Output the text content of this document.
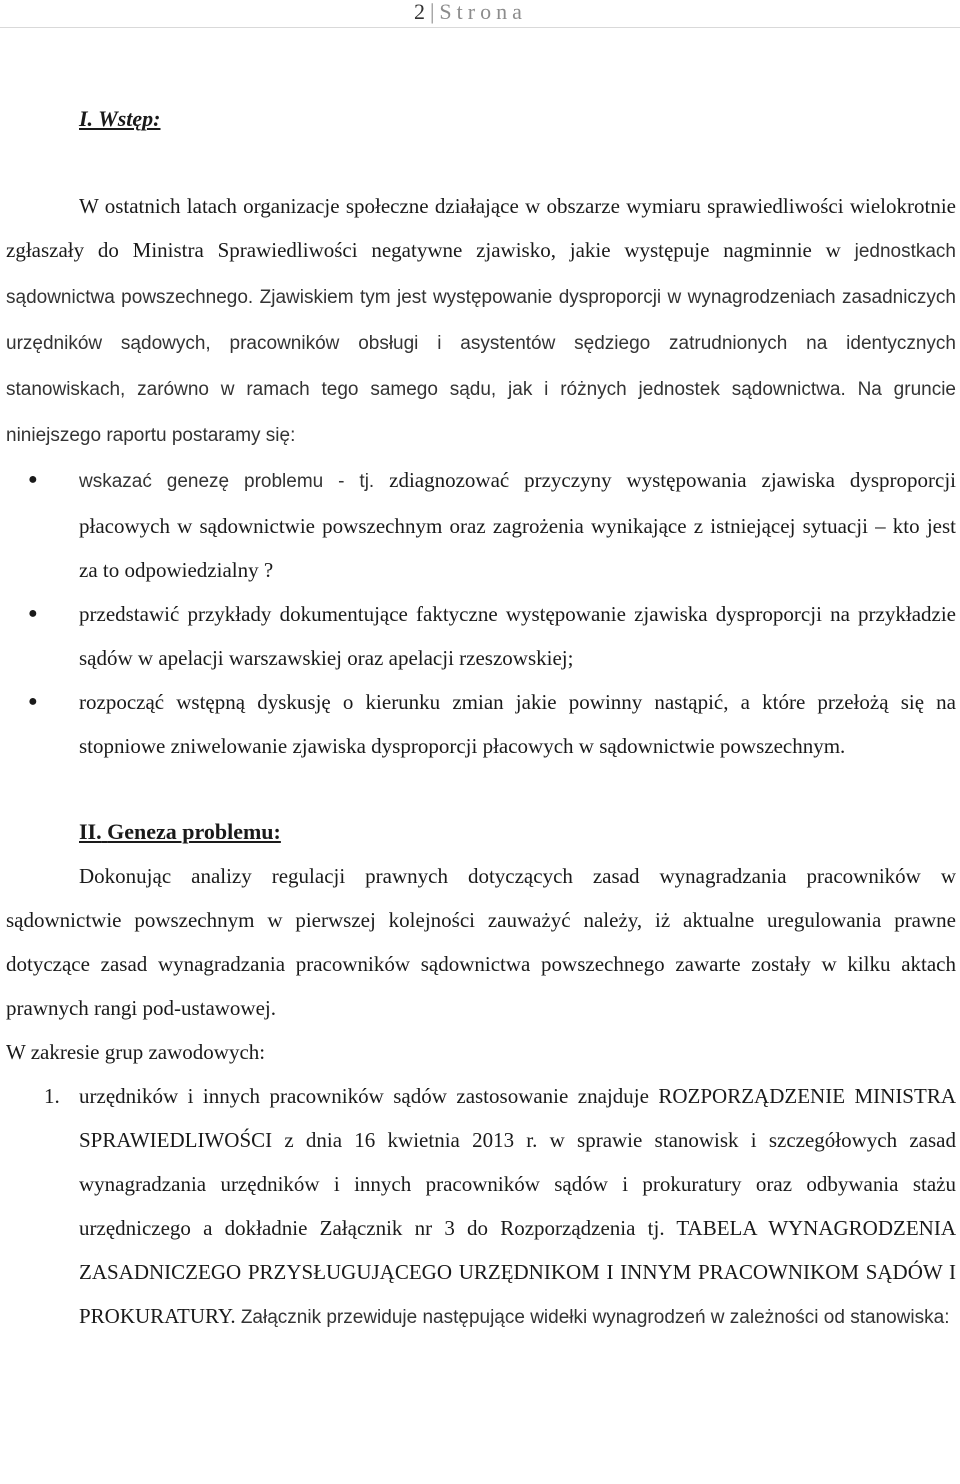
2 | Strona
I. Wstęp:

W ostatnich latach organizacje społeczne działające w obszarze wymiaru sprawiedliwości wielokrotnie zgłaszały do Ministra Sprawiedliwości negatywne zjawisko, jakie występuje nagminnie w jednostkach sądownictwa powszechnego. Zjawiskiem tym jest występowanie dysproporcji w wynagrodzeniach zasadniczych urzędników sądowych, pracowników obsługi i asystentów sędziego zatrudnionych na identycznych stanowiskach, zarówno w ramach tego samego sądu, jak i różnych jednostek sądownictwa. Na gruncie niniejszego raportu postaramy się:

● wskazać genezę problemu - tj. zdiagnozować przyczyny występowania zjawiska dysproporcji płacowych w sądownictwie powszechnym oraz zagrożenia wynikające z istniejącej sytuacji – kto jest za to odpowiedzialny ?
● przedstawić przykłady dokumentujące faktyczne występowanie zjawiska dysproporcji na przykładzie sądów w apelacji warszawskiej oraz apelacji rzeszowskiej;
● rozpocząć wstępną dyskusję o kierunku zmian jakie powinny nastąpić, a które przełożą się na stopniowe zniwelowanie zjawiska dysproporcji płacowych w sądownictwie powszechnym.
II. Geneza problemu:

Dokonując analizy regulacji prawnych dotyczących zasad wynagradzania pracowników w sądownictwie powszechnym w pierwszej kolejności zauważyć należy, iż aktualne uregulowania prawne dotyczące zasad wynagradzania pracowników sądownictwa powszechnego zawarte zostały w kilku aktach prawnych rangi pod-ustawowej.

W zakresie grup zawodowych:

1. urzędników i innych pracowników sądów zastosowanie znajduje ROZPORZĄDZENIE MINISTRA SPRAWIEDLIWOŚCI z dnia 16 kwietnia 2013 r. w sprawie stanowisk i szczegółowych zasad wynagradzania urzędników i innych pracowników sądów i prokuratury oraz odbywania stażu urzędniczego a dokładnie Załącznik nr 3 do Rozporządzenia tj. TABELA WYNAGRODZENIA ZASADNICZEGO PRZYSŁUGUJĄCEGO URZĘDNIKOM I INNYM PRACOWNIKOM SĄDÓW I PROKURATURY. Załącznik przewiduje następujące widełki wynagrodzeń w zależności od stanowiska:
